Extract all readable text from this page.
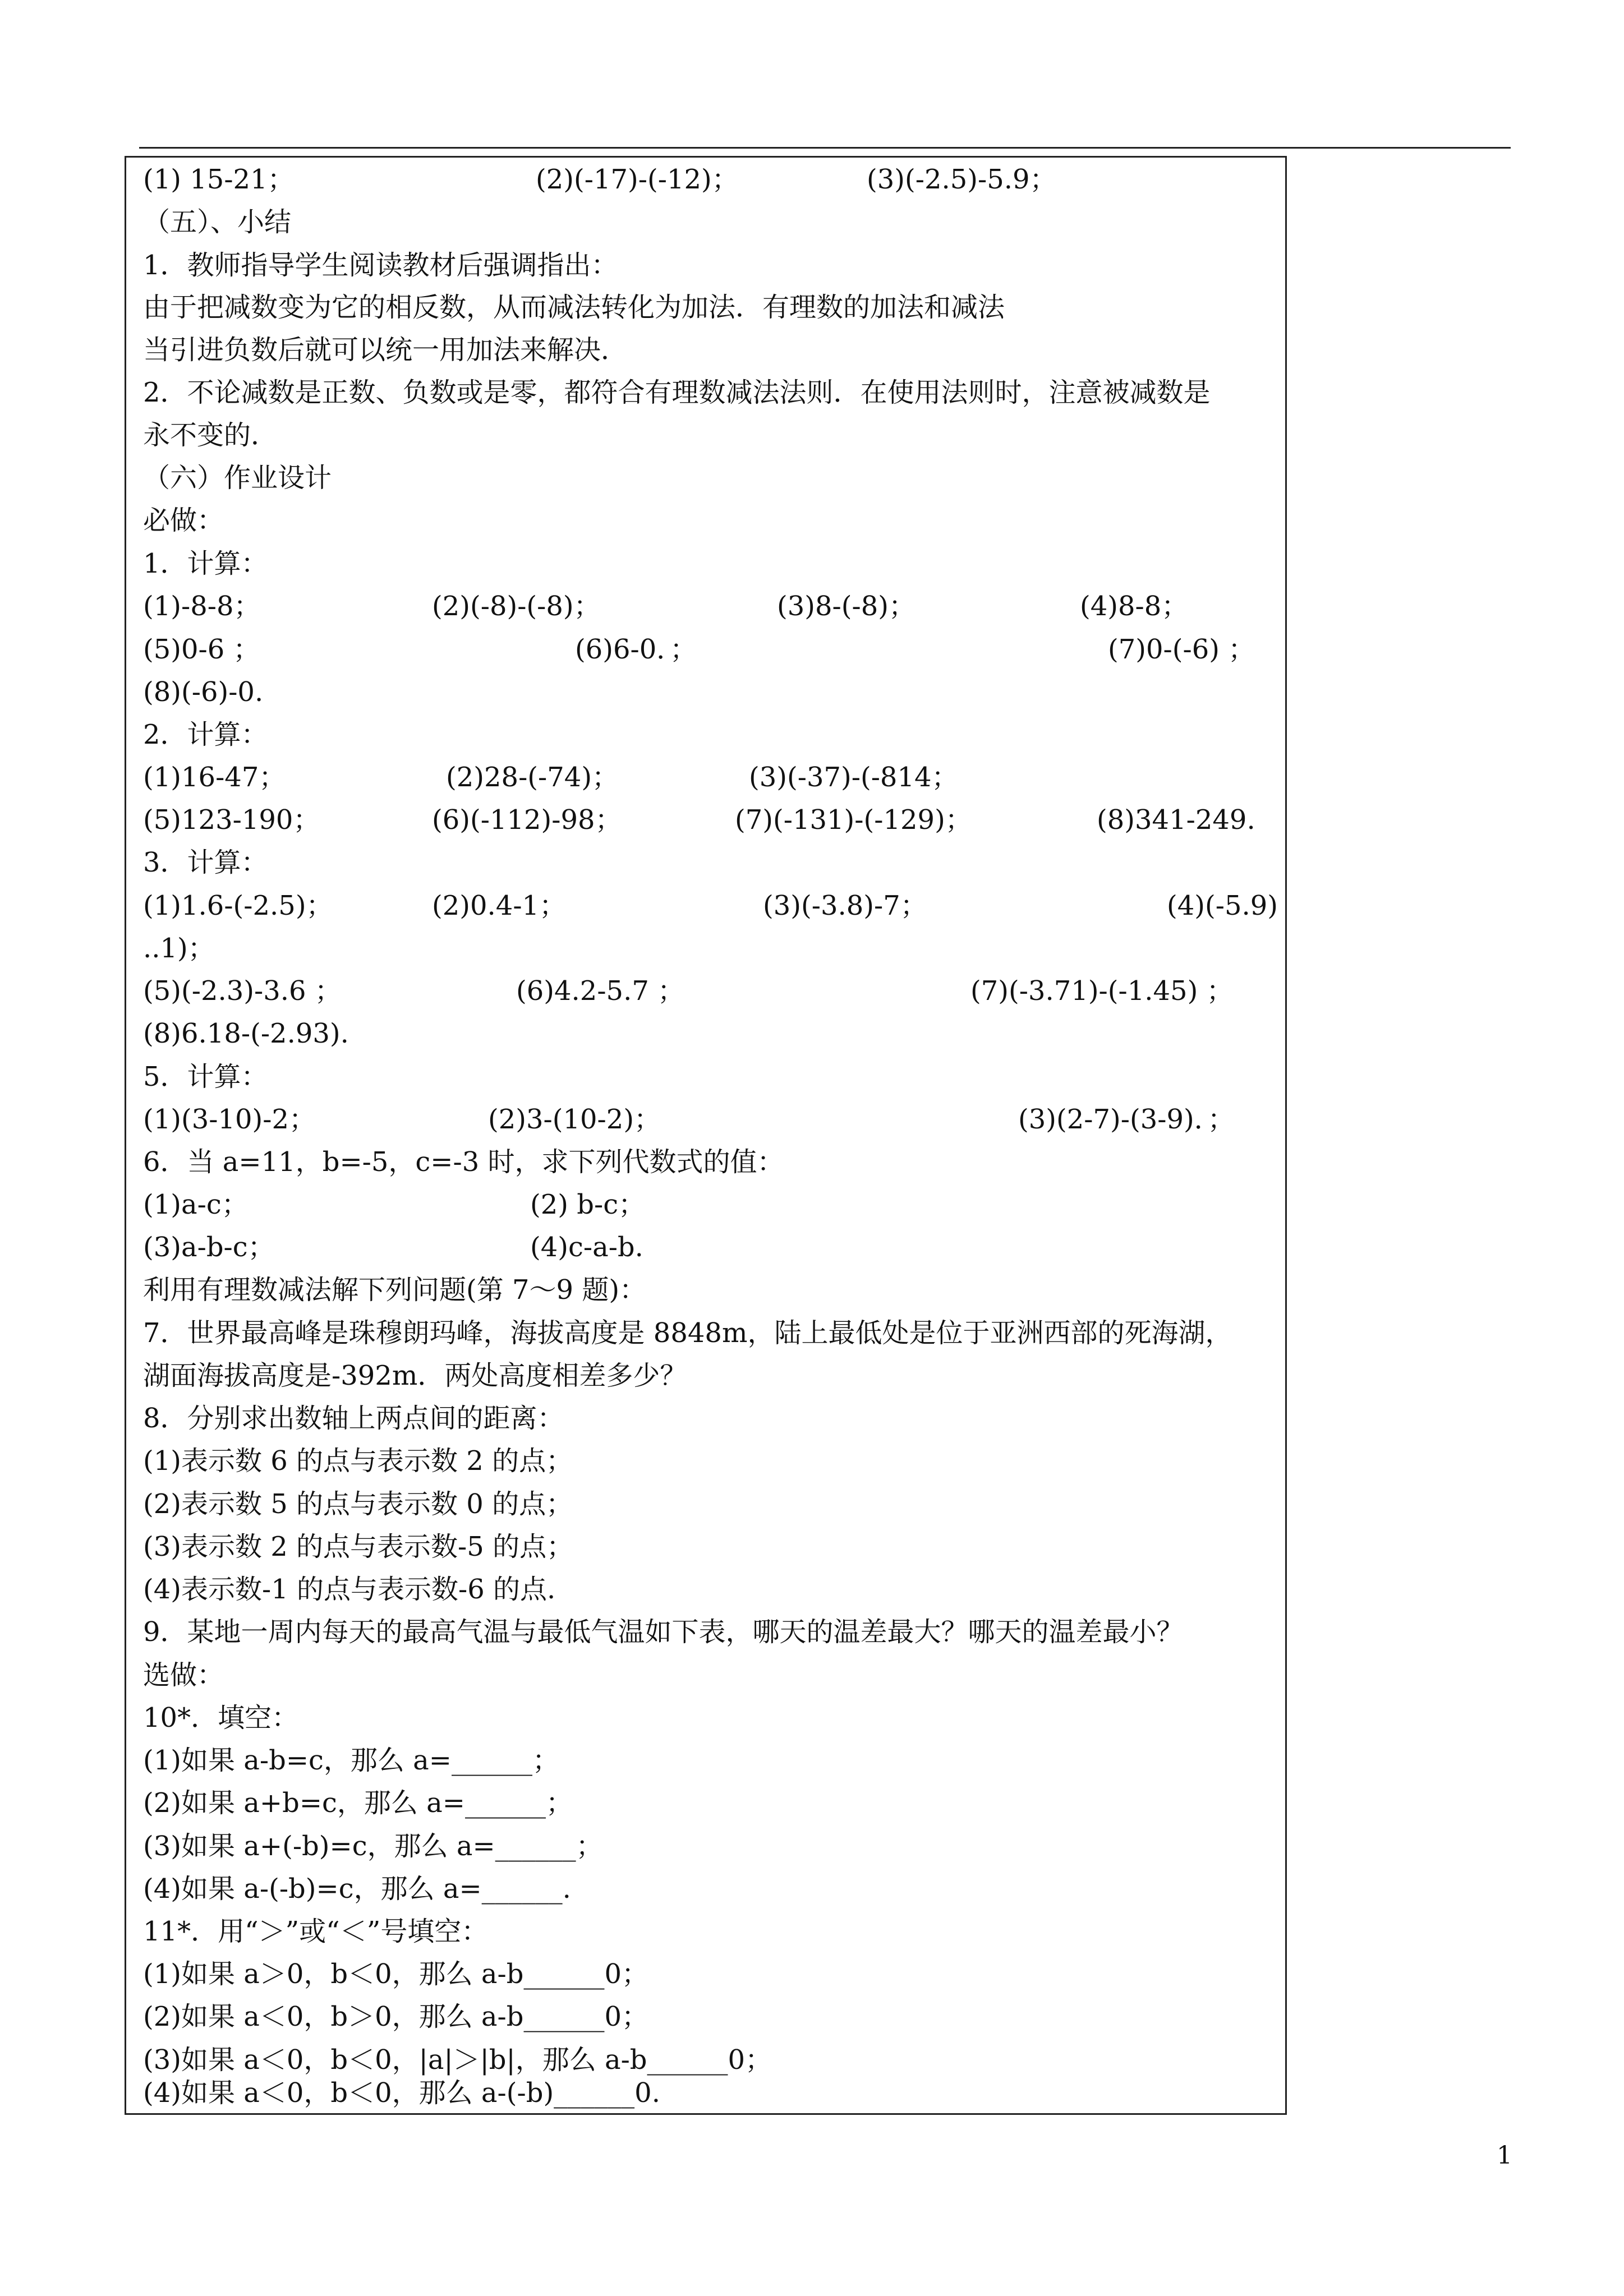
(1) 15-21；	(2)(-17)-(-12)；	(3)(-2.5)-5.9；
（五）、小结
1．教师指导学生阅读教材后强调指出：
由于把减数变为它的相反数，从而减法转化为加法．有理数的加法和减法
当引进负数后就可以统一用加法来解决．
2．不论减数是正数、负数或是零，都符合有理数减法法则．在使用法则时，注意被减数是
永不变的．
（六）作业设计
必做：
1．计算：
(1)-8-8；	(2)(-8)-(-8)；	(3)8-(-8)；	(4)8-8；
(5)0-6 ；	(6)6-0．；	(7)0-(-6) ；
(8)(-6)-0.
2．计算：
(1)16-47；	(2)28-(-74)；	(3)(-37)-(-814；
(5)123-190；	(6)(-112)-98；	(7)(-131)-(-129)；	(8)341-249.
3．计算：
(1)1.6-(-2.5)；	(2)0.4-1；	(3)(-3.8)-7；	(4)(-5.9)
..1)；
(5)(-2.3)-3.6 ；	(6)4.2-5.7 ；	(7)(-3.71)-(-1.45) ；
(8)6.18-(-2.93).
5．计算：
(1)(3-10)-2；	(2)3-(10-2)；	(3)(2-7)-(3-9)．；
6．当 a=11，b=-5，c=-3 时，求下列代数式的值：
(1)a-c；	(2) b-c；
(3)a-b-c；	(4)c-a-b.
利用有理数减法解下列问题(第 7～9 题)：
7．世界最高峰是珠穆朗玛峰，海拔高度是 8848m，陆上最低处是位于亚洲西部的死海湖，
湖面海拔高度是-392m．两处高度相差多少？
8．分别求出数轴上两点间的距离：
(1)表示数 6 的点与表示数 2 的点；
(2)表示数 5 的点与表示数 0 的点；
(3)表示数 2 的点与表示数-5 的点；
(4)表示数-1 的点与表示数-6 的点.
9．某地一周内每天的最高气温与最低气温如下表，哪天的温差最大？哪天的温差最小？
选做：
10*．填空：
(1)如果 a-b=c，那么 a=______；
(2)如果 a+b=c，那么 a=______；
(3)如果 a+(-b)=c，那么 a=______；
(4)如果 a-(-b)=c，那么 a=______.
11*．用“＞”或“＜”号填空：
(1)如果 a＞0，b＜0，那么 a-b______0；
(2)如果 a＜0，b＞0，那么 a-b______0；
(3)如果 a＜0，b＜0，|a|＞|b|，那么 a-b______0；
(4)如果 a＜0，b＜0，那么 a-(-b)______0.
1
